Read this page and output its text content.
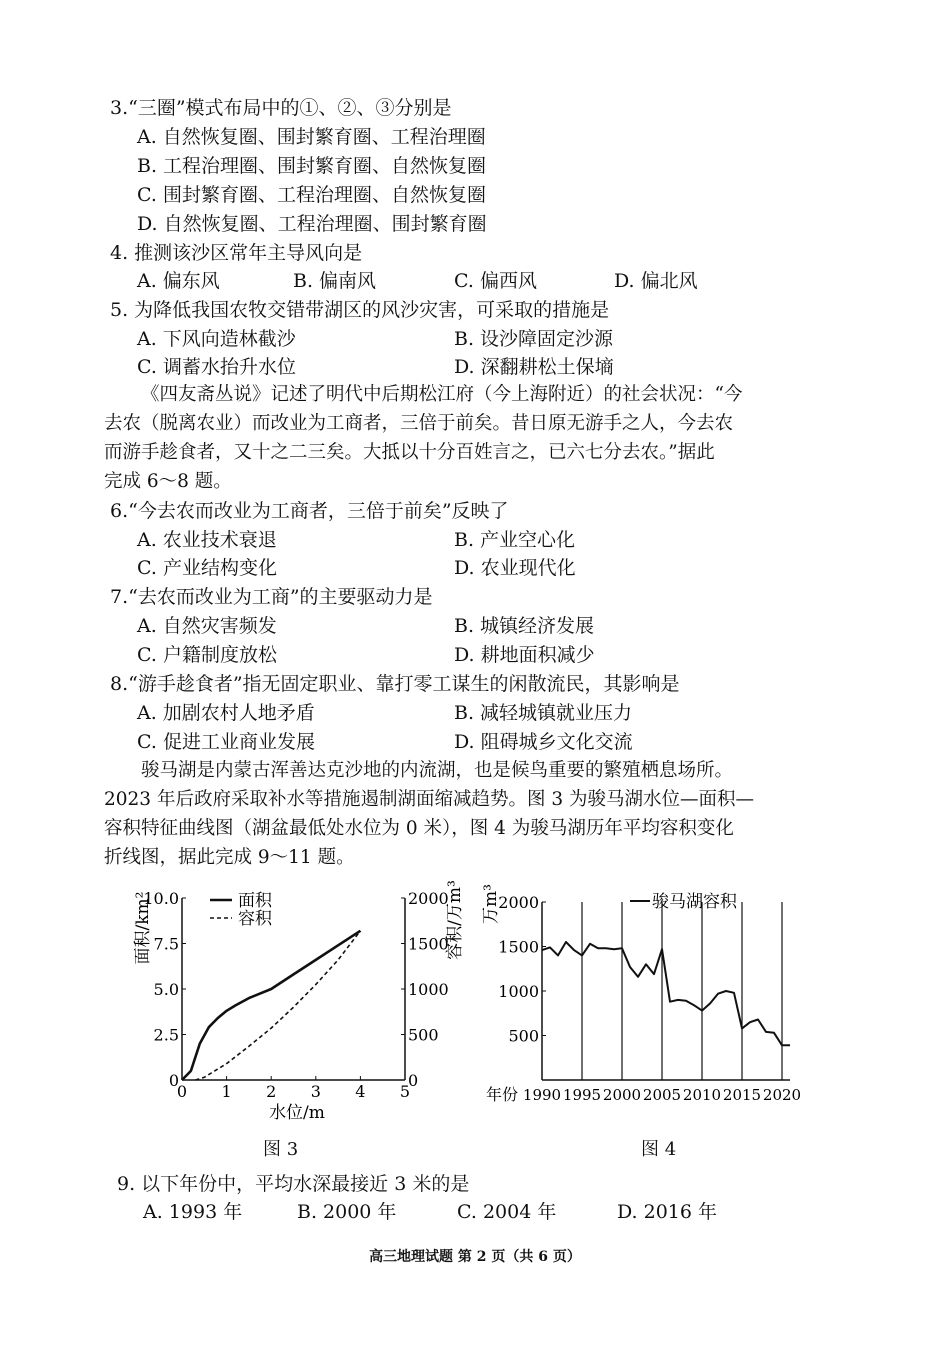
3.“三圈”模式布局中的①、②、③分别是
A. 自然恢复圈、围封繁育圈、工程治理圈
B. 工程治理圈、围封繁育圈、自然恢复圈
C. 围封繁育圈、工程治理圈、自然恢复圈
D. 自然恢复圈、工程治理圈、围封繁育圈
4. 推测该沙区常年主导风向是
A. 偏东风	B. 偏南风	C. 偏西风	D. 偏北风
5. 为降低我国农牧交错带湖区的风沙灾害，可采取的措施是
A. 下风向造林截沙	B. 设沙障固定沙源
C. 调蓄水抬升水位	D. 深翻耕松土保墒
《四友斋丛说》记述了明代中后期松江府（今上海附近）的社会状况：“今
去农（脱离农业）而改业为工商者，三倍于前矣。昔日原无游手之人，今去农
而游手趁食者，又十之二三矣。大抵以十分百姓言之，已六七分去农。”据此
完成 6～8 题。
6.“今去农而改业为工商者，三倍于前矣”反映了
A. 农业技术衰退	B. 产业空心化
C. 产业结构变化	D. 农业现代化
7.“去农而改业为工商”的主要驱动力是
A. 自然灾害频发	B. 城镇经济发展
C. 户籍制度放松	D. 耕地面积减少
8.“游手趁食者”指无固定职业、靠打零工谋生的闲散流民，其影响是
A. 加剧农村人地矛盾	B. 减轻城镇就业压力
C. 促进工业商业发展	D. 阻碍城乡文化交流
骏马湖是内蒙古浑善达克沙地的内流湖，也是候鸟重要的繁殖栖息场所。
2023 年后政府采取补水等措施遏制湖面缩减趋势。图 3 为骏马湖水位—面积—
容积特征曲线图（湖盆最低处水位为 0 米），图 4 为骏马湖历年平均容积变化
折线图，据此完成 9～11 题。
10.0
7.5
5.0
2.5
0
2000
1500
1000
500
0
0 1 2 3 4 5
面积/km²	容积/万m³
水位/m
面积
容积
图 3
2000
1500
1000
500
1990 1995 2000 2005 2010 2015 2020
万m³
年份
骏马湖容积
图 4
9. 以下年份中，平均水深最接近 3 米的是
A. 1993 年	B. 2000 年	C. 2004 年	D. 2016 年
高三地理试题 第 2 页（共 6 页）
